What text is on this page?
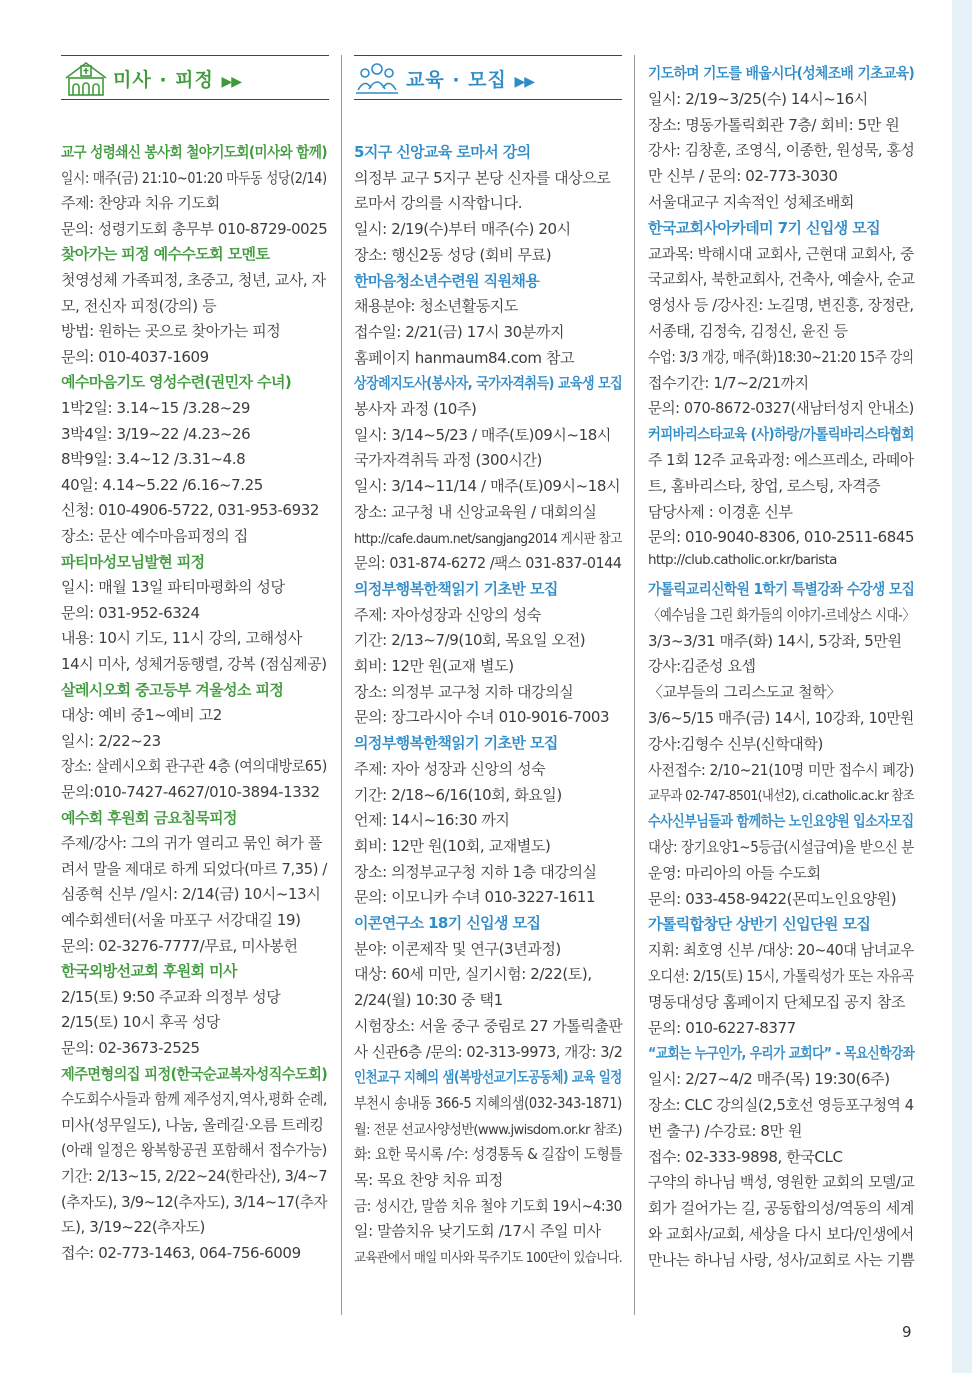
미사 · 피정 ▶▶
교구 성령쇄신 봉사회 철야기도회(미사와 함께)
일시: 매주(금) 21:10~01:20 마두동 성당(2/14)
주제: 찬양과 치유 기도회
문의: 성령기도회 총무부 010-8729-0025
찾아가는 피정 예수수도회 모멘토
첫영성체 가족피정, 초중고, 청년, 교사, 자
모, 전신자 피정(강의) 등
방법: 원하는 곳으로 찾아가는 피정
문의: 010-4037-1609
예수마음기도 영성수련(권민자 수녀)
1박2일: 3.14~15 /3.28~29
3박4일: 3/19~22 /4.23~26
8박9일: 3.4~12 /3.31~4.8
40일: 4.14~5.22 /6.16~7.25
신청: 010-4906-5722, 031-953-6932
장소: 문산 예수마음피정의 집
파티마성모님발현 피정
일시: 매월 13일 파티마평화의 성당
문의: 031-952-6324
내용: 10시 기도, 11시 강의, 고해성사
14시 미사, 성체거동행렬, 강복 (점심제공)
살레시오회 중고등부 겨울성소 피정
대상: 예비 중1~예비 고2
일시: 2/22~23
장소: 살레시오회 관구관 4층 (여의대방로65)
문의:010-7427-4627/010-3894-1332
예수회 후원회 금요침묵피정
주제/강사: 그의 귀가 열리고 묶인 혀가 풀
려서 말을 제대로 하게 되었다(마르 7,35) /
심종혁 신부 /일시: 2/14(금) 10시~13시
예수회센터(서울 마포구 서강대길 19)
문의: 02-3276-7777/무료, 미사봉헌
한국외방선교회 후원회 미사
2/15(토) 9:50 주교좌 의정부 성당
2/15(토) 10시 후곡 성당
문의: 02-3673-2525
제주면형의집 피정(한국순교복자성직수도회)
수도회수사들과 함께 제주성지,역사,평화 순례,
미사(성무일도), 나눔, 올레길·오름 트레킹
(아래 일정은 왕복항공권 포함해서 접수가능)
기간: 2/13~15, 2/22~24(한라산), 3/4~7
(추자도), 3/9~12(추자도), 3/14~17(추자
도), 3/19~22(추자도)
접수: 02-773-1463, 064-756-6009
교육 · 모집 ▶▶
5지구 신앙교육 로마서 강의
의정부 교구 5지구 본당 신자를 대상으로
로마서 강의를 시작합니다.
일시: 2/19(수)부터 매주(수) 20시
장소: 행신2동 성당 (회비 무료)
한마음청소년수련원 직원채용
채용분야: 청소년활동지도
접수일: 2/21(금) 17시 30분까지
홈페이지 hanmaum84.com 참고
상장례지도사(봉사자, 국가자격취득) 교육생 모집
봉사자 과정 (10주)
일시: 3/14~5/23 / 매주(토)09시~18시
국가자격취득 과정 (300시간)
일시: 3/14~11/14 / 매주(토)09시~18시
장소: 교구청 내 신앙교육원 / 대회의실
http://cafe.daum.net/sangjang2014 게시판 참고
문의: 031-874-6272 /팩스 031-837-0144
의정부행복한책읽기 기초반 모집
주제: 자아성장과 신앙의 성숙
기간: 2/13~7/9(10회, 목요일 오전)
회비: 12만 원(교재 별도)
장소: 의정부 교구청 지하 대강의실
문의: 장그라시아 수녀 010-9016-7003
의정부행복한책읽기 기초반 모집
주제: 자아 성장과 신앙의 성숙
기간: 2/18~6/16(10회, 화요일)
언제: 14시~16:30 까지
회비: 12만 원(10회, 교재별도)
장소: 의정부교구청 지하 1층 대강의실
문의: 이모니카 수녀 010-3227-1611
이콘연구소 18기 신입생 모집
분야: 이콘제작 및 연구(3년과정)
대상: 60세 미만, 실기시험: 2/22(토),
2/24(월) 10:30 중 택1
시험장소: 서울 중구 중림로 27 가톨릭출판
사 신관6층 /문의: 02-313-9973, 개강: 3/2
인천교구 지혜의 샘(복방선교기도공동체) 교육 일정
부천시 송내동 366-5 지혜의샘(032-343-1871)
월: 전문 선교사양성반(www.jwisdom.or.kr 참조)
화: 요한 묵시록 /수: 성경통독 & 길잡이 도형틀
목: 목요 찬양 치유 피정
금: 성시간, 말씀 치유 철야 기도회 19시~4:30
일: 말씀치유 낮기도회 /17시 주일 미사
교육관에서 매일 미사와 묵주기도 100단이 있습니다.
기도하며 기도를 배웁시다(성체조배 기초교육)
일시: 2/19~3/25(수) 14시~16시
장소: 명동가톨릭회관 7층/ 회비: 5만 원
강사: 김창훈, 조영식, 이종한, 원성묵, 홍성
만 신부 / 문의: 02-773-3030
서울대교구 지속적인 성체조배회
한국교회사아카데미 7기 신입생 모집
교과목: 박해시대 교회사, 근현대 교회사, 중
국교회사, 북한교회사, 건축사, 예술사, 순교
영성사 등 /강사진: 노길명, 변진흥, 장정란,
서종태, 김정숙, 김정신, 윤진 등
수업: 3/3 개강, 매주(화)18:30~21:20 15주 강의
접수기간: 1/7~2/21까지
문의: 070-8672-0327(새남터성지 안내소)
커피바리스타교육 (사)하랑/가톨릭바리스타협회
주 1회 12주 교육과정: 에스프레소, 라떼아
트, 홈바리스타, 창업, 로스팅, 자격증
담당사제 : 이경훈 신부
문의: 010-9040-8306, 010-2511-6845
http://club.catholic.or.kr/barista
가톨릭교리신학원 1학기 특별강좌 수강생 모집
〈예수님을 그린 화가들의 이야기-르네상스 시대-〉
3/3~3/31 매주(화) 14시, 5강좌, 5만원
강사:김준성 요셉
〈교부들의 그리스도교 철학〉
3/6~5/15 매주(금) 14시, 10강좌, 10만원
강사:김형수 신부(신학대학)
사전접수: 2/10~21(10명 미만 접수시 폐강)
교무과 02-747-8501(내선2), ci.catholic.ac.kr 참조
수사신부님들과 함께하는 노인요양원 입소자모집
대상: 장기요양1~5등급(시설급여)을 받으신 분
운영: 마리아의 아들 수도회
문의: 033-458-9422(몬띠노인요양원)
가톨릭합창단 상반기 신입단원 모집
지휘: 최호영 신부 /대상: 20~40대 남녀교우
오디션: 2/15(토) 15시, 가톨릭성가 또는 자유곡
명동대성당 홈페이지 단체모집 공지 참조
문의: 010-6227-8377
“교회는 누구인가, 우리가 교회다” - 목요신학강좌
일시: 2/27~4/2 매주(목) 19:30(6주)
장소: CLC 강의실(2,5호선 영등포구청역 4
번 출구) /수강료: 8만 원
접수: 02-333-9898, 한국CLC
구약의 하나님 백성, 영원한 교회의 모델/교
회가 걸어가는 길, 공동합의성/역동의 세계
와 교회사/교회, 세상을 다시 보다/인생에서
만나는 하나님 사랑, 성사/교회로 사는 기쁨
9
